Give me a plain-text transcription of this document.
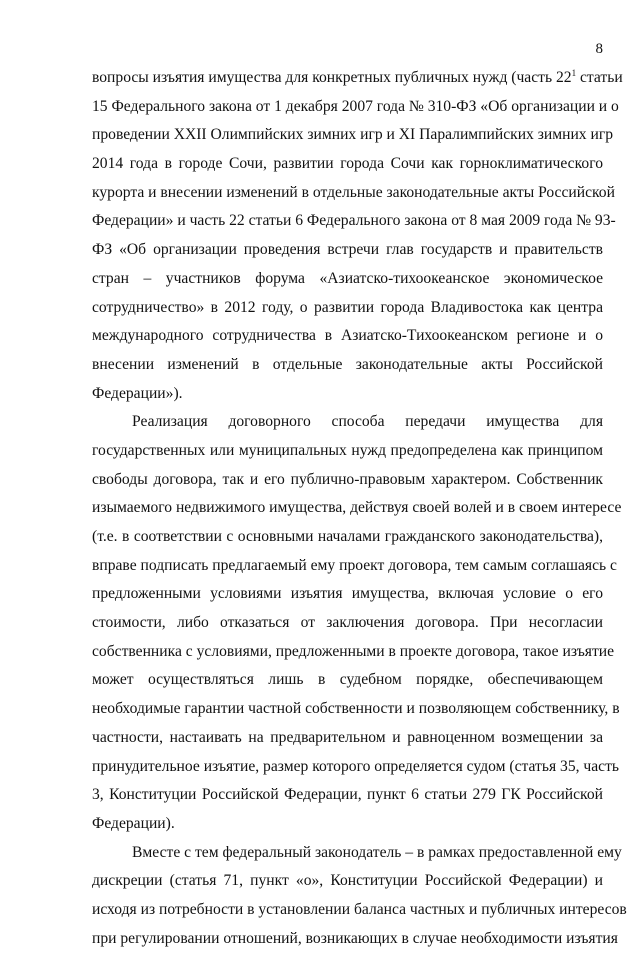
8
вопросы изъятия имущества для конкретных публичных нужд (часть $22^1$ статьи
15 Федерального закона от 1 декабря 2007 года № 310-ФЗ «Об организации и о
проведении XXII Олимпийских зимних игр и XI Паралимпийских зимних игр
2014 года в городе Сочи, развитии города Сочи как горноклиматического
курорта и внесении изменений в отдельные законодательные акты Российской
Федерации» и часть 22 статьи 6 Федерального закона от 8 мая 2009 года № 93-
ФЗ «Об организации проведения встречи глав государств и правительств
стран – участников форума «Азиатско-тихоокеанское экономическое
сотрудничество» в 2012 году, о развитии города Владивостока как центра
международного сотрудничества в Азиатско-Тихоокеанском регионе и о
внесении изменений в отдельные законодательные акты Российской
Федерации»).
Реализация договорного способа передачи имущества для
государственных или муниципальных нужд предопределена как принципом
свободы договора, так и его публично-правовым характером. Собственник
изымаемого недвижимого имущества, действуя своей волей и в своем интересе
(т.е. в соответствии с основными началами гражданского законодательства),
вправе подписать предлагаемый ему проект договора, тем самым соглашаясь с
предложенными условиями изъятия имущества, включая условие о его
стоимости, либо отказаться от заключения договора. При несогласии
собственника с условиями, предложенными в проекте договора, такое изъятие
может осуществляться лишь в судебном порядке, обеспечивающем
необходимые гарантии частной собственности и позволяющем собственнику, в
частности, настаивать на предварительном и равноценном возмещении за
принудительное изъятие, размер которого определяется судом (статья 35, часть
3, Конституции Российской Федерации, пункт 6 статьи 279 ГК Российской
Федерации).
Вместе с тем федеральный законодатель – в рамках предоставленной ему
дискреции (статья 71, пункт «о», Конституции Российской Федерации) и
исходя из потребности в установлении баланса частных и публичных интересов
при регулировании отношений, возникающих в случае необходимости изъятия
